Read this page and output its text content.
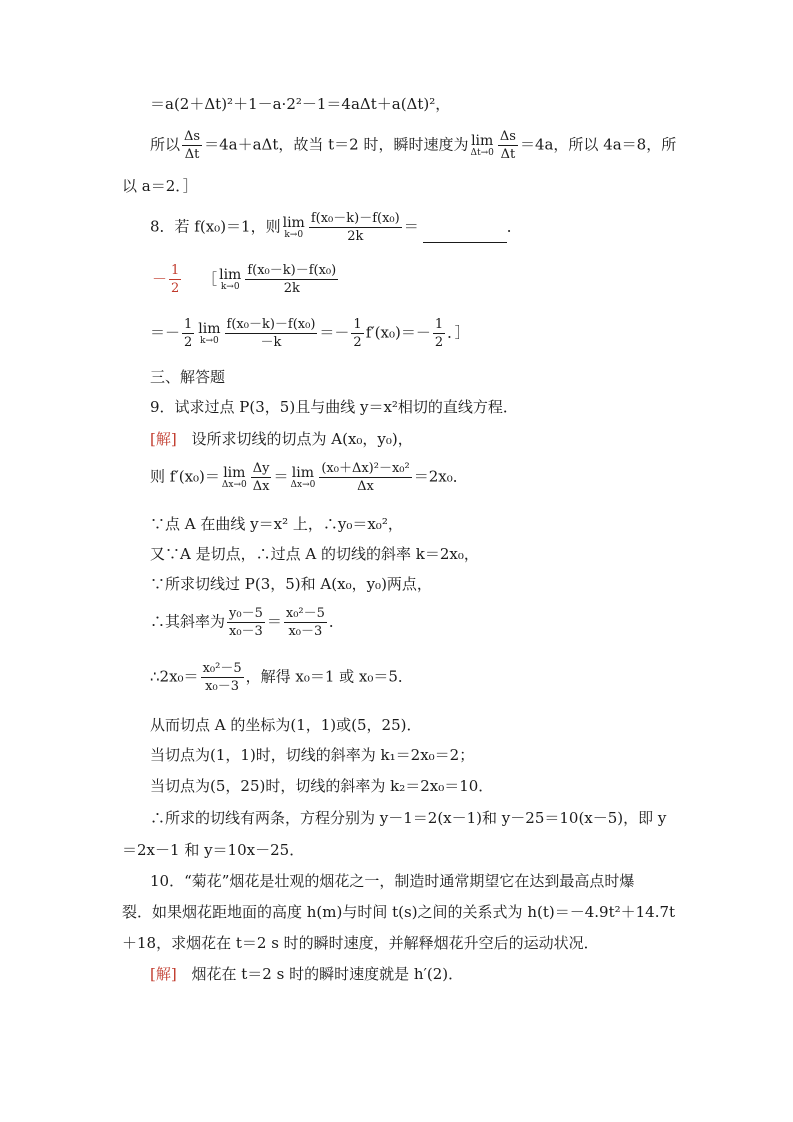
＝a(2＋Δt)²＋1－a·2²－1＝4aΔt＋a(Δt)²，
所以 $\frac{\Delta s}{\Delta t} =4a+a\Delta t$，故当 t＝2 时，瞬时速度为 lim
$\Delta t\to 0 \frac{\Delta s}{\Delta t} =4a$，所以 4a＝8，所
以 a＝2．］
8．若 f(x₀)＝1，则 lim
$k\to 0 \frac{\text{f(x₀－k)－f(x₀)}}{2k}$ ＝	．
－ $\frac{1}{2}$ ［ lim
$k\to 0 \frac{\text{f(x₀－k)－f(x₀)}}{2k}$
＝－ $\frac{1}{2}$ lim
$k\to 0 \frac{\text{f(x₀－k)－f(x₀)}}{-k} =- \frac{1}{2} f'(x_0)=- \frac{1}{2}$ ．］
三、解答题
9．试求过点 P(3，5)且与曲线 y＝x²相切的直线方程．
[解] 设所求切线的切点为 A(x₀，y₀)，
则 f′(x₀)＝ lim
$\Delta x\to 0 \frac{\Delta y}{\Delta x} = \lim$
$\Delta x\to 0 \frac{\text{(x₀＋Δx)²－x₀²}}{\Delta x} =2x_0$．
∵点 A 在曲线 y＝x² 上，∴y₀＝x₀²，
又∵A 是切点，∴过点 A 的切线的斜率 k＝2x₀，
∵所求切线过 P(3，5)和 A(x₀，y₀)两点，
∴其斜率为 $\frac{\text{y₀－5}}{\text{x₀－3}} = \frac{\text{x₀²－5}}{\text{x₀－3}}$ ．
∴2x₀＝ $\frac{\text{x₀²－5}}{\text{x₀－3}}$ ，解得 x₀＝1 或 x₀＝5．
从而切点 A 的坐标为(1，1)或(5，25)．
当切点为(1，1)时，切线的斜率为 k₁＝2x₀＝2；
当切点为(5，25)时，切线的斜率为 k₂＝2x₀＝10．
∴所求的切线有两条，方程分别为 y－1＝2(x－1)和 y－25＝10(x－5)，即 y
＝2x－1 和 y＝10x－25．
10．“菊花”烟花是壮观的烟花之一，制造时通常期望它在达到最高点时爆
裂．如果烟花距地面的高度 h(m)与时间 t(s)之间的关系式为 h(t)＝－4.9t²＋14.7t
＋18，求烟花在 t＝2 s 时的瞬时速度，并解释烟花升空后的运动状况．
[解] 烟花在 t＝2 s 时的瞬时速度就是 h′(2)．
